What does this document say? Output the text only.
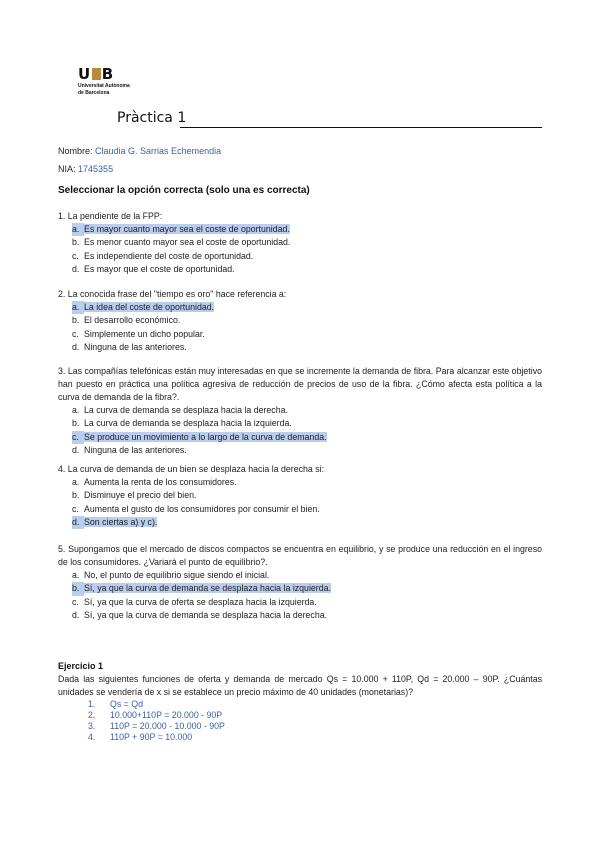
U B
Universitat Autònoma
de Barcelona
Pràctica 1
Nombre: Claudia G. Sarrias Echemendia
NIA: 1745355
Seleccionar la opción correcta (solo una es correcta)
1. La pendiente de la FPP:
a. Es mayor cuanto mayor sea el coste de oportunidad.
b. Es menor cuanto mayor sea el coste de oportunidad.
c. Es independiente del coste de oportunidad.
d. Es mayor que el coste de oportunidad.
2. La conocida frase del "tiempo es oro" hace referencia a:
a. La idea del coste de oportunidad.
b. El desarrollo económico.
c. Simplemente un dicho popular.
d. Ninguna de las anteriores.
3. Las compañías telefónicas están muy interesadas en que se incremente la demanda de fibra. Para alcanzar este objetivo han puesto en práctica una política agresiva de reducción de precios de uso de la fibra. ¿Cómo afecta esta política a la curva de demanda de la fibra?.
a. La curva de demanda se desplaza hacia la derecha.
b. La curva de demanda se desplaza hacia la izquierda.
c. Se produce un movimiento a lo largo de la curva de demanda.
d. Ninguna de las anteriores.
4. La curva de demanda de un bien se desplaza hacia la derecha si:
a. Aumenta la renta de los consumidores.
b. Disminuye el precio del bien.
c. Aumenta el gusto de los consumidores por consumir el bien.
d. Son ciertas a) y c).
5. Supongamos que el mercado de discos compactos se encuentra en equilibrio, y se produce una reducción en el ingreso de los consumidores. ¿Variará el punto de equilibrio?.
a. No, el punto de equilibrio sigue siendo el inicial.
b. Sí, ya que la curva de demanda se desplaza hacia la izquierda.
c. Sí, ya que la curva de oferta se desplaza hacia la izquierda.
d. Sí, ya que la curva de demanda se desplaza hacia la derecha.
Ejercicio 1
Dada las siguientes funciones de oferta y demanda de mercado Qs = 10.000 + 110P, Qd = 20.000 – 90P. ¿Cuántas unidades se vendería de x si se establece un precio máximo de 40 unidades (monetarias)?
1. Qs = Qd
2. 10.000+110P = 20.000 - 90P
3. 110P = 20.000 - 10.000 - 90P
4. 110P + 90P = 10.000
